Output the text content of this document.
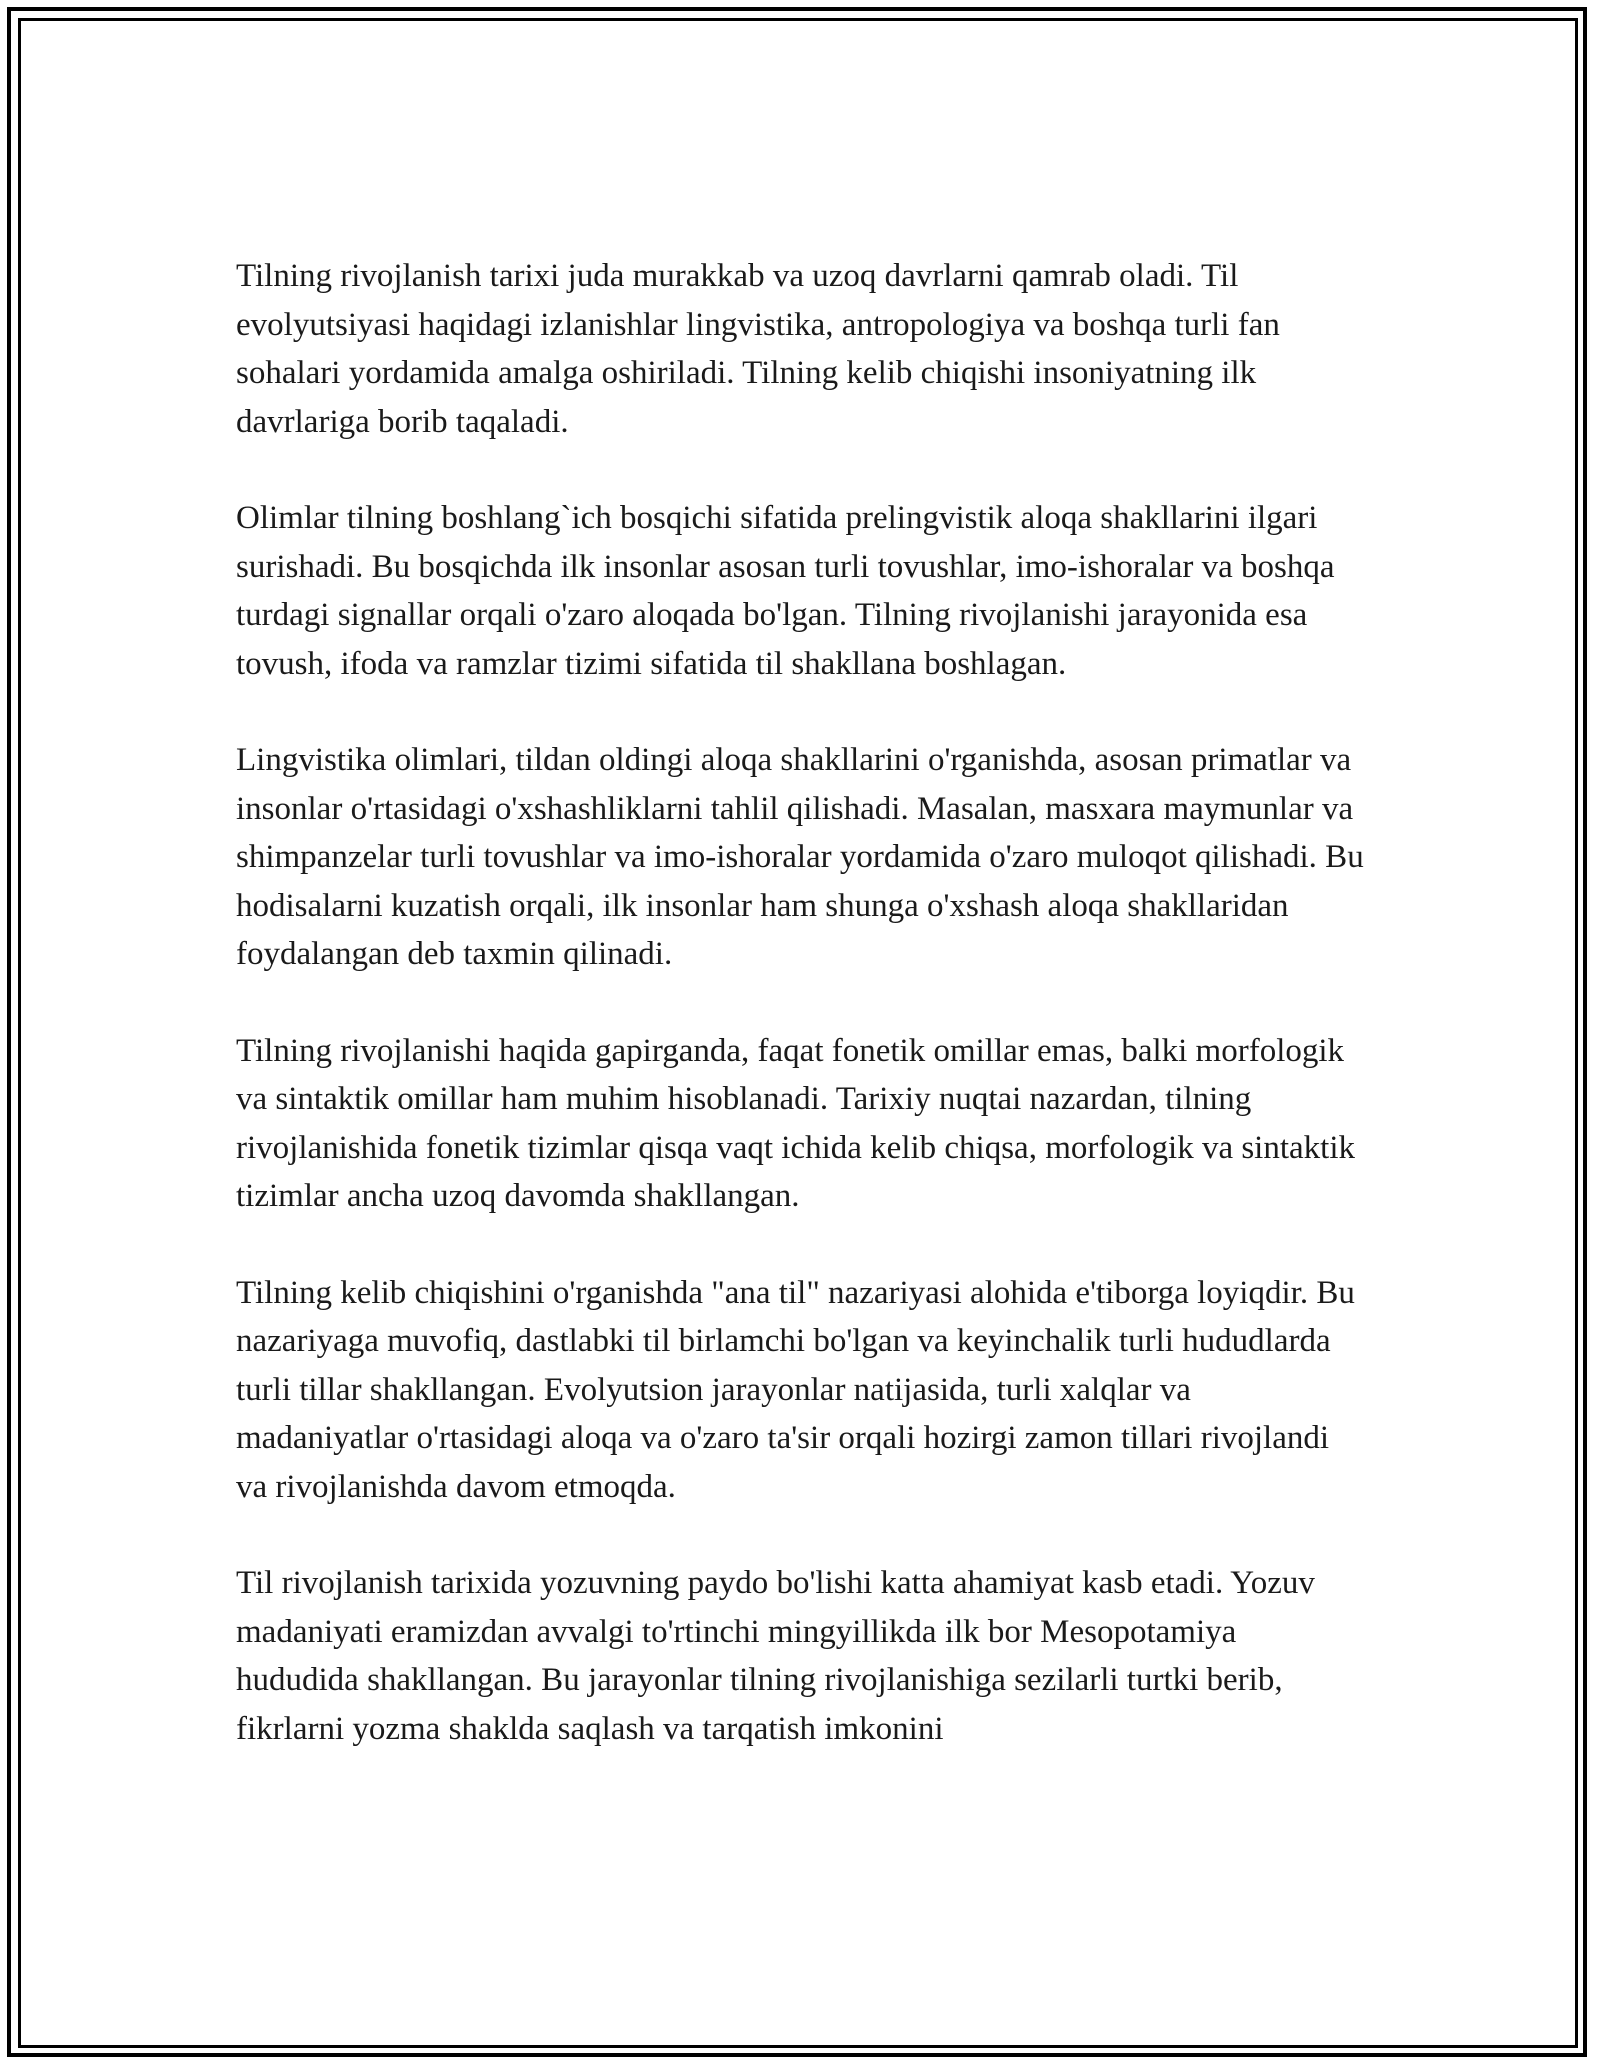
Tilning rivojlanish tarixi juda murakkab va uzoq davrlarni qamrab oladi. Til evolyutsiyasi haqidagi izlanishlar lingvistika, antropologiya va boshqa turli fan sohalari yordamida amalga oshiriladi. Tilning kelib chiqishi insoniyatning ilk davrlariga borib taqaladi.

Olimlar tilning boshlang`ich bosqichi sifatida prelingvistik aloqa shakllarini ilgari surishadi. Bu bosqichda ilk insonlar asosan turli tovushlar, imo-ishoralar va boshqa turdagi signallar orqali o'zaro aloqada bo'lgan. Tilning rivojlanishi jarayonida esa tovush, ifoda va ramzlar tizimi sifatida til shakllana boshlagan.

Lingvistika olimlari, tildan oldingi aloqa shakllarini o'rganishda, asosan primatlar va insonlar o'rtasidagi o'xshashliklarni tahlil qilishadi. Masalan, masxara maymunlar va shimpanzelar turli tovushlar va imo-ishoralar yordamida o'zaro muloqot qilishadi. Bu hodisalarni kuzatish orqali, ilk insonlar ham shunga o'xshash aloqa shakllaridan foydalangan deb taxmin qilinadi.

Tilning rivojlanishi haqida gapirganda, faqat fonetik omillar emas, balki morfologik va sintaktik omillar ham muhim hisoblanadi. Tarixiy nuqtai nazardan, tilning rivojlanishida fonetik tizimlar qisqa vaqt ichida kelib chiqsa, morfologik va sintaktik tizimlar ancha uzoq davomda shakllangan.

Tilning kelib chiqishini o'rganishda "ana til" nazariyasi alohida e'tiborga loyiqdir. Bu nazariyaga muvofiq, dastlabki til birlamchi bo'lgan va keyinchalik turli hududlarda turli tillar shakllangan. Evolyutsion jarayonlar natijasida, turli xalqlar va madaniyatlar o'rtasidagi aloqa va o'zaro ta'sir orqali hozirgi zamon tillari rivojlandi va rivojlanishda davom etmoqda.

Til rivojlanish tarixida yozuvning paydo bo'lishi katta ahamiyat kasb etadi. Yozuv madaniyati eramizdan avvalgi to'rtinchi mingyillikda ilk bor Mesopotamiya hududida shakllangan. Bu jarayonlar tilning rivojlanishiga sezilarli turtki berib, fikrlarni yozma shaklda saqlash va tarqatish imkonini
